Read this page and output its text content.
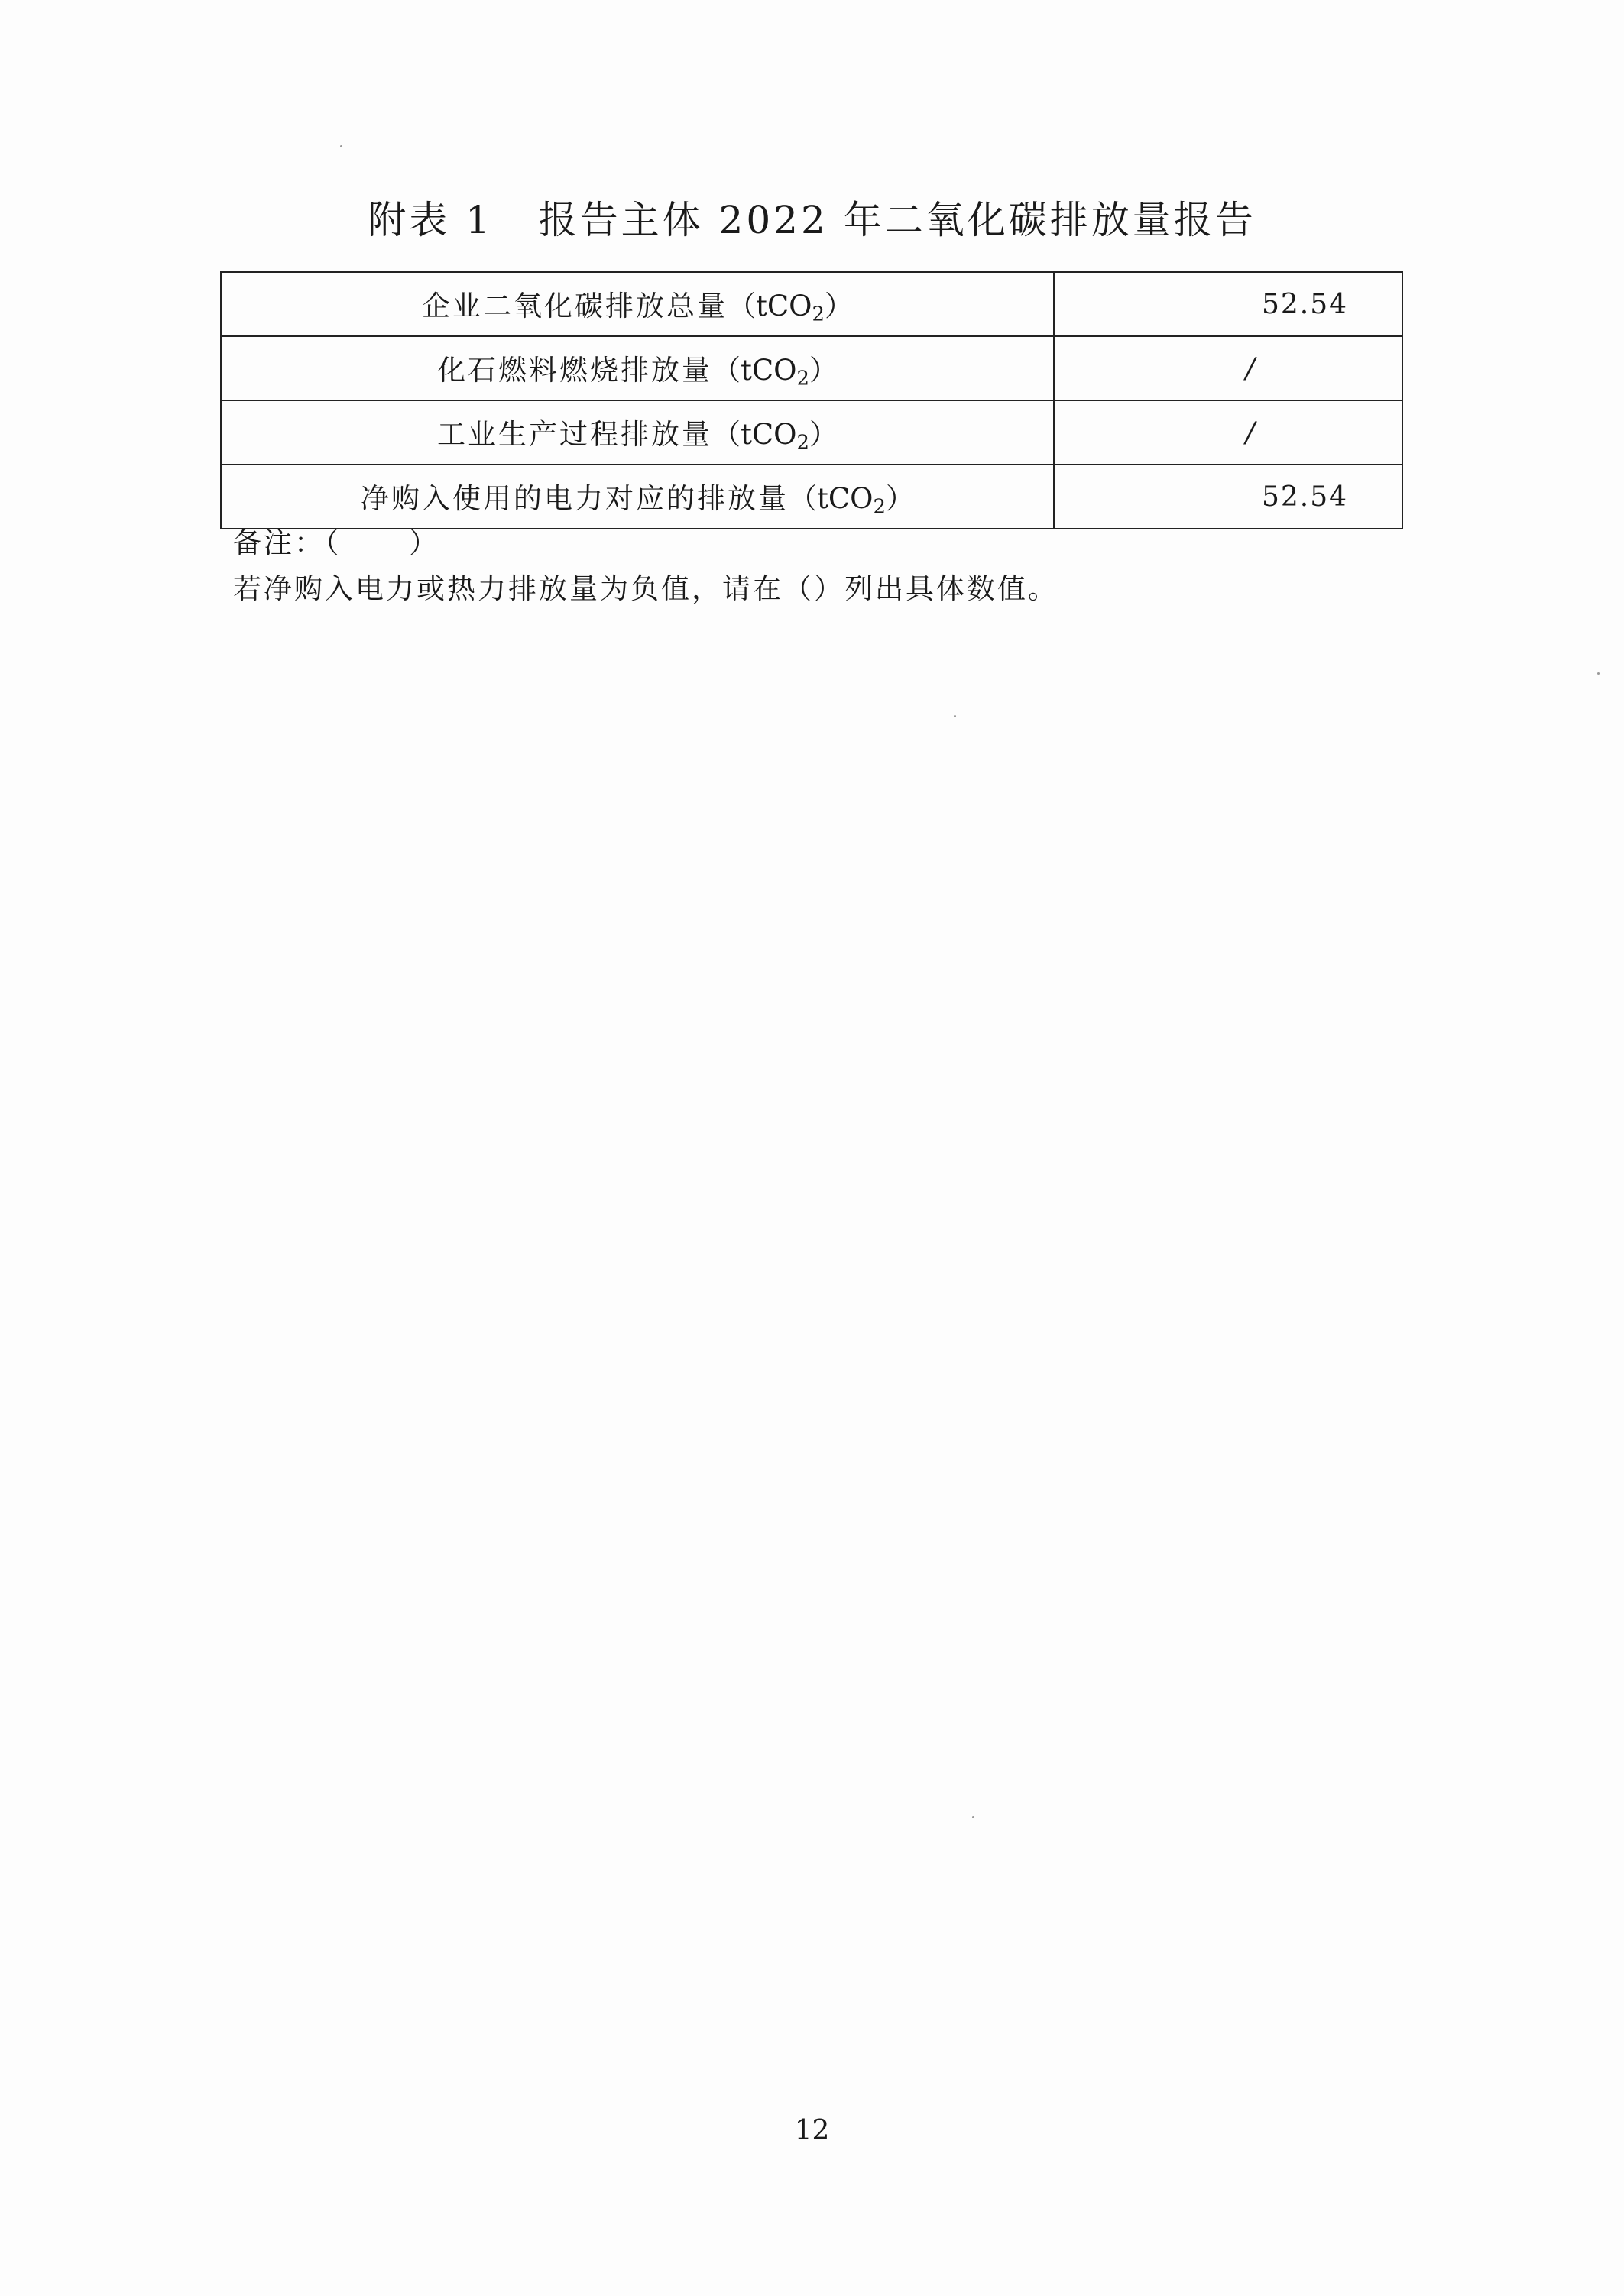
附表 1   报告主体 2022 年二氧化碳排放量报告
企业二氧化碳排放总量（tCO$_2$）	52.54
化石燃料燃烧排放量（tCO$_2$）	/
工业生产过程排放量（tCO$_2$）	/
净购入使用的电力对应的排放量（tCO$_2$）	52.54
备注：（      ）
若净购入电力或热力排放量为负值，请在（）列出具体数值。
12
